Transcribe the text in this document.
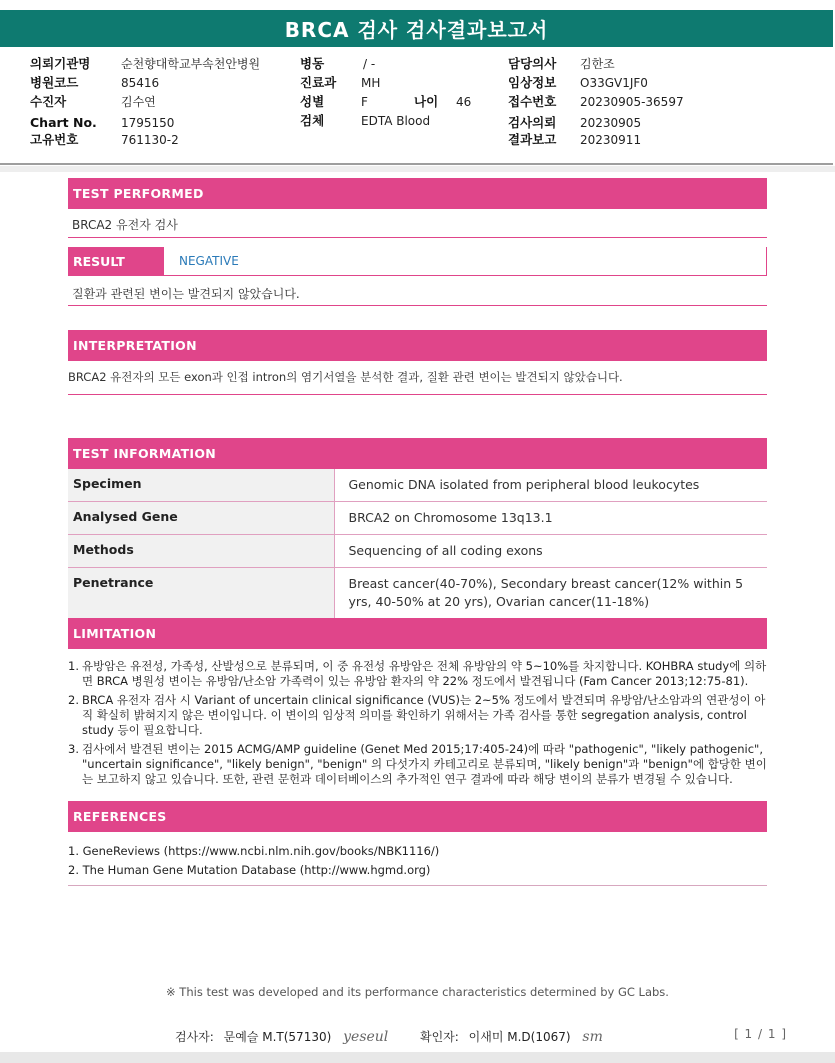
BRCA 검사 검사결과보고서
의뢰기관명	순천향대학교부속천안병원
병원코드	85416
수진자	김수연
Chart No. 1795150
고유번호	761130-2
병동	/ -
진료과 MH
성별	F	나이 46
검체	EDTA Blood
담당의사 김한조
임상정보 O33GV1JF0
접수번호 20230905-36597
검사의뢰 20230905
결과보고 20230911
TEST PERFORMED
BRCA2 유전자 검사
RESULT	NEGATIVE
질환과 관련된 변이는 발견되지 않았습니다.
INTERPRETATION
BRCA2 유전자의 모든 exon과 인접 intron의 염기서열을 분석한 결과, 질환 관련 변이는 발견되지 않았습니다.
TEST INFORMATION
Specimen	Genomic DNA isolated from peripheral blood leukocytes
Analysed Gene	BRCA2 on Chromosome 13q13.1
Methods	Sequencing of all coding exons
Penetrance	Breast cancer(40-70%), Secondary breast cancer(12% within 5 yrs, 40-50% at 20 yrs), Ovarian cancer(11-18%)
LIMITATION
1. 유방암은 유전성, 가족성, 산발성으로 분류되며, 이 중 유전성 유방암은 전체 유방암의 약 5~10%를 차지합니다. KOHBRA study에 의하면 BRCA 병원성 변이는 유방암/난소암 가족력이 있는 유방암 환자의 약 22% 정도에서 발견됩니다 (Fam Cancer 2013;12:75-81).
2. BRCA 유전자 검사 시 Variant of uncertain clinical significance (VUS)는 2~5% 정도에서 발견되며 유방암/난소암과의 연관성이 아직 확실히 밝혀지지 않은 변이입니다. 이 변이의 임상적 의미를 확인하기 위해서는 가족 검사를 통한 segregation analysis, control study 등이 필요합니다.
3. 검사에서 발견된 변이는 2015 ACMG/AMP guideline (Genet Med 2015;17:405-24)에 따라 "pathogenic", "likely pathogenic", "uncertain significance", "likely benign", "benign" 의 다섯가지 카테고리로 분류되며, "likely benign"과 "benign"에 합당한 변이는 보고하지 않고 있습니다. 또한, 관련 문헌과 데이터베이스의 추가적인 연구 결과에 따라 해당 변이의 분류가 변경될 수 있습니다.
REFERENCES
1. GeneReviews (https://www.ncbi.nlm.nih.gov/books/NBK1116/)
2. The Human Gene Mutation Database (http://www.hgmd.org)
※ This test was developed and its performance characteristics determined by GC Labs.
검사자: 문예슬 M.T(57130) yeseul	확인자: 이새미 M.D(1067) sm	[ 1 / 1 ]
